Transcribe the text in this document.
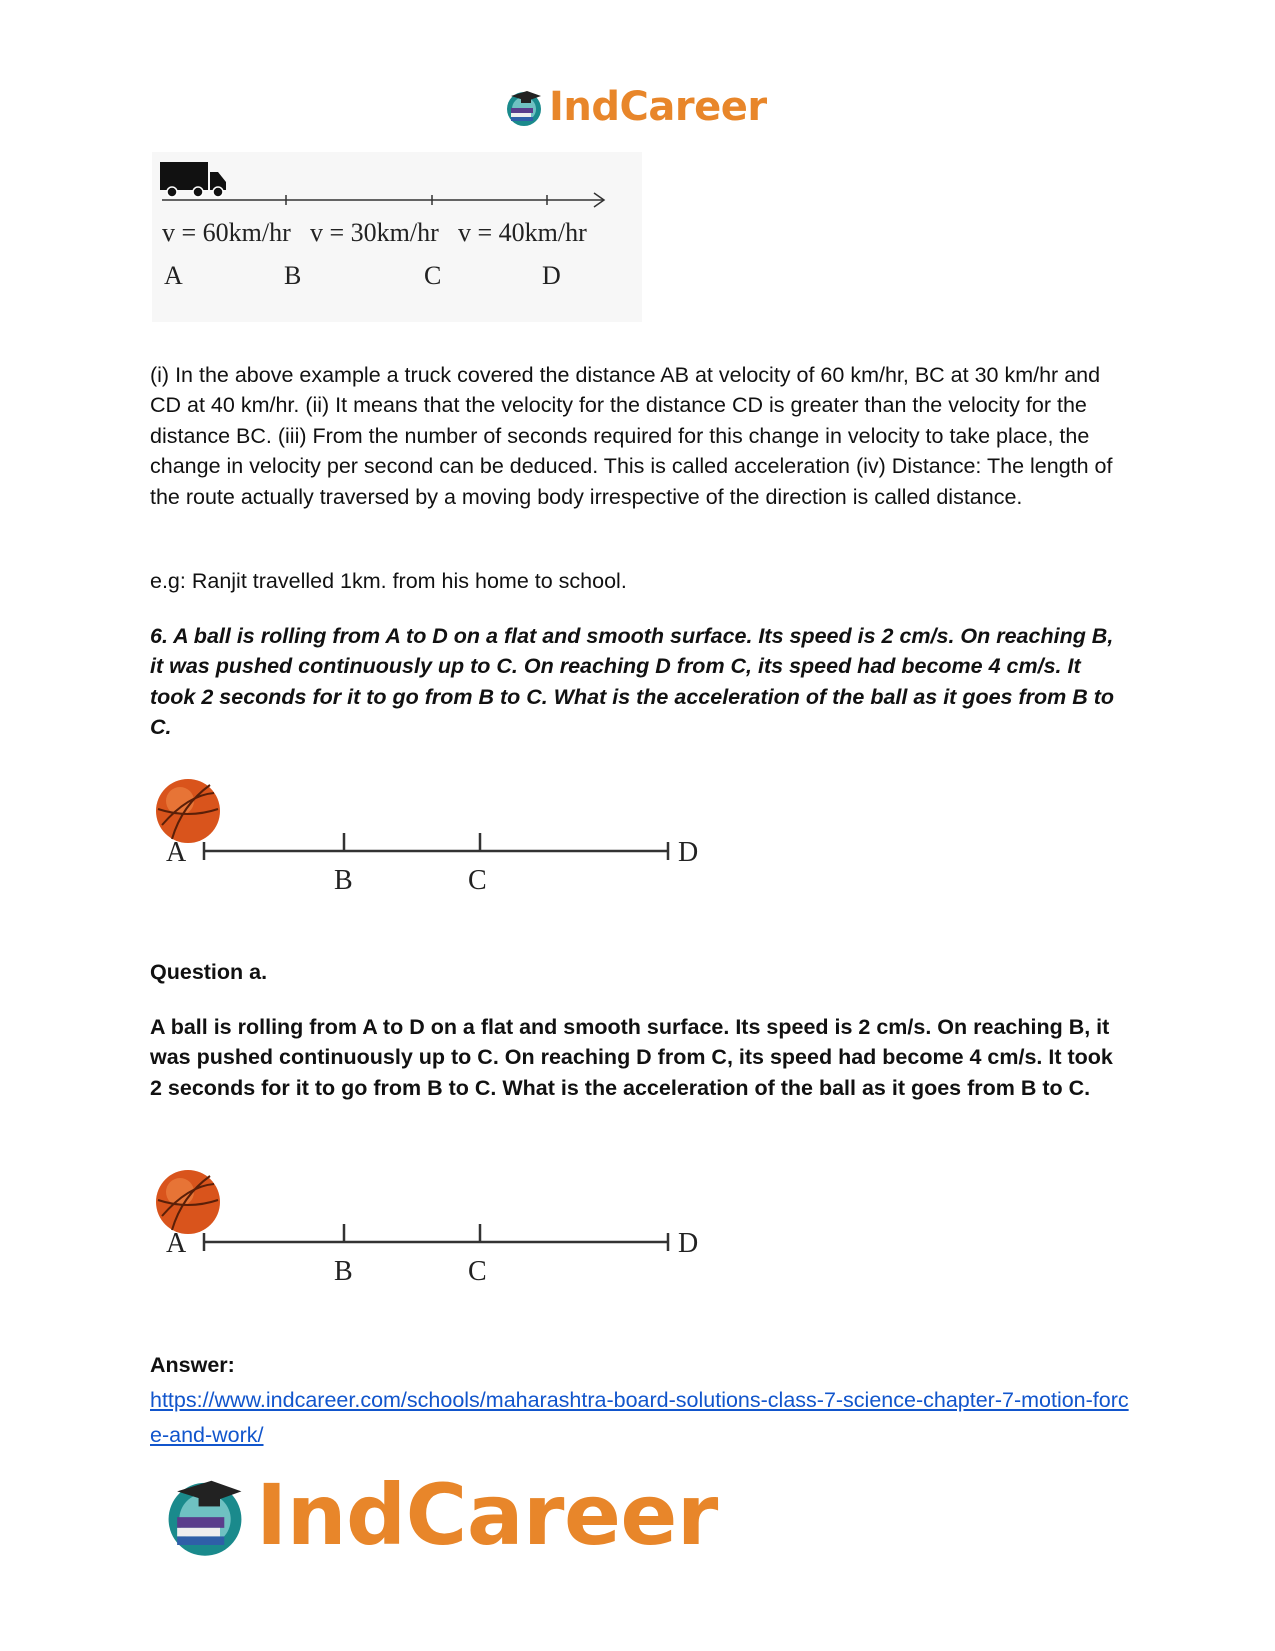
IndCareer
v = 60km/hr v = 30km/hr v = 40km/hr
A	B	C	D
(i) In the above example a truck covered the distance AB at velocity of 60 km/hr, BC at 30 km/hr and CD at 40 km/hr. (ii) It means that the velocity for the distance CD is greater than the velocity for the distance BC. (iii) From the number of seconds required for this change in velocity to take place, the change in velocity per second can be deduced. This is called acceleration (iv) Distance: The length of the route actually traversed by a moving body irrespective of the direction is called distance.
e.g: Ranjit travelled 1km. from his home to school.
6. A ball is rolling from A to D on a flat and smooth surface. Its speed is 2 cm/s. On reaching B, it was pushed continuously up to C. On reaching D from C, its speed had become 4 cm/s. It took 2 seconds for it to go from B to C. What is the acceleration of the ball as it goes from B to C.
A
B	C
D
Question a.
A ball is rolling from A to D on a flat and smooth surface. Its speed is 2 cm/s. On reaching B, it was pushed continuously up to C. On reaching D from C, its speed had become 4 cm/s. It took 2 seconds for it to go from B to C. What is the acceleration of the ball as it goes from B to C.
A
B	C
D
Answer:
https://www.indcareer.com/schools/maharashtra-board-solutions-class-7-science-chapter-7-motion-force-and-work/
IndCareer
